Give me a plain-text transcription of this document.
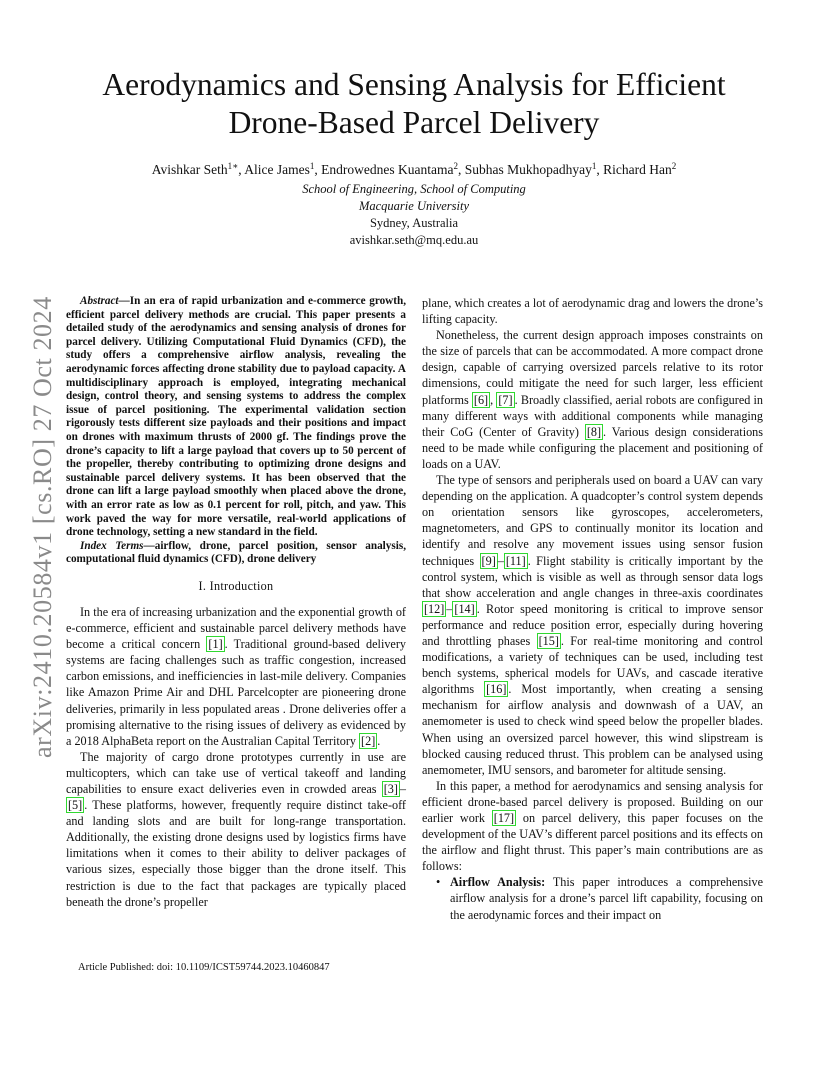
arXiv:2410.20584v1 [cs.RO] 27 Oct 2024
Aerodynamics and Sensing Analysis for Efficient
Drone-Based Parcel Delivery
Avishkar Seth$^{1∗}$, Alice James$^1$, Endrowednes Kuantama$^2$, Subhas Mukhopadhyay$^1$, Richard Han$^2$
School of Engineering, School of Computing
Macquarie University
Sydney, Australia
avishkar.seth@mq.edu.au

Abstract—In an era of rapid urbanization and e-commerce growth, efficient parcel delivery methods are crucial. This paper presents a detailed study of the aerodynamics and sensing analysis of drones for parcel delivery. Utilizing Computational Fluid Dynamics (CFD), the study offers a comprehensive airflow analysis, revealing the aerodynamic forces affecting drone stability due to payload capacity. A multidisciplinary approach is employed, integrating mechanical design, control theory, and sensing systems to address the complex issue of parcel positioning. The experimental validation section rigorously tests different size payloads and their positions and impact on drones with maximum thrusts of 2000 gf. The findings prove the drone’s capacity to lift a large payload that covers up to 50 percent of the propeller, thereby contributing to optimizing drone designs and sustainable parcel delivery systems. It has been observed that the drone can lift a large payload smoothly when placed above the drone, with an error rate as low as 0.1 percent for roll, pitch, and yaw. This work paved the way for more versatile, real-world applications of drone technology, setting a new standard in the field.

Index Terms—airflow, drone, parcel position, sensor analysis, computational fluid dynamics (CFD), drone delivery

I. Introduction

In the era of increasing urbanization and the exponential growth of e-commerce, efficient and sustainable parcel delivery methods have become a critical concern [1] . Traditional ground-based delivery systems are facing challenges such as traffic congestion, increased carbon emissions, and inefficiencies in last-mile delivery. Companies like Amazon Prime Air and DHL Parcelcopter are pioneering drone deliveries, primarily in less populated areas . Drone deliveries offer a promising alternative to the rising issues of delivery as evidenced by a 2018 AlphaBeta report on the Australian Capital Territory [2] .

The majority of cargo drone prototypes currently in use are multicopters, which can take use of vertical takeoff and landing capabilities to ensure exact deliveries even in crowded areas [3] –[5] . These platforms, however, frequently require distinct take-off and landing slots and are built for long-range transportation. Additionally, the existing drone designs used by logistics firms have limitations when it comes to their ability to deliver packages of various sizes, especially those bigger than the drone itself. This restriction is due to the fact that packages are typically placed beneath the drone’s propeller

plane, which creates a lot of aerodynamic drag and lowers the drone’s lifting capacity.

Nonetheless, the current design approach imposes constraints on the size of parcels that can be accommodated. A more compact drone design, capable of carrying oversized parcels relative to its rotor dimensions, could mitigate the need for such larger, less efficient platforms [6] , [7] . Broadly classified, aerial robots are configured in many different ways with additional components while managing their CoG (Center of Gravity) [8] . Various design considerations need to be made while configuring the placement and positioning of loads on a UAV.

The type of sensors and peripherals used on board a UAV can vary depending on the application. A quadcopter’s control system depends on orientation sensors like gyroscopes, accelerometers, magnetometers, and GPS to continually monitor its location and identify and resolve any movement issues using sensor fusion techniques [9] – [11] . Flight stability is critically important by the control system, which is visible as well as through sensor data logs that show acceleration and angle changes in three-axis coordinates [12] – [14] . Rotor speed monitoring is critical to improve sensor performance and reduce position error, especially during hovering and throttling phases [15] . For real-time monitoring and control modifications, a variety of techniques can be used, including test bench systems, spherical models for UAVs, and cascade iterative algorithms [16] . Most importantly, when creating a sensing mechanism for airflow analysis and downwash of a UAV, an anemometer is used to check wind speed below the propeller blades. When using an oversized parcel however, this wind slipstream is blocked causing reduced thrust. This problem can be analysed using anemometer, IMU sensors, and barometer for altitude sensing.

In this paper, a method for aerodynamics and sensing analysis for efficient drone-based parcel delivery is proposed. Building on our earlier work [17] on parcel delivery, this paper focuses on the development of the UAV’s different parcel positions and its effects on the airflow and flight thrust. This paper’s main contributions are as follows:

• Airflow Analysis: This paper introduces a comprehensive airflow analysis for a drone’s parcel lift capability, focusing on the aerodynamic forces and their impact on
Article Published: doi: 10.1109/ICST59744.2023.10460847
